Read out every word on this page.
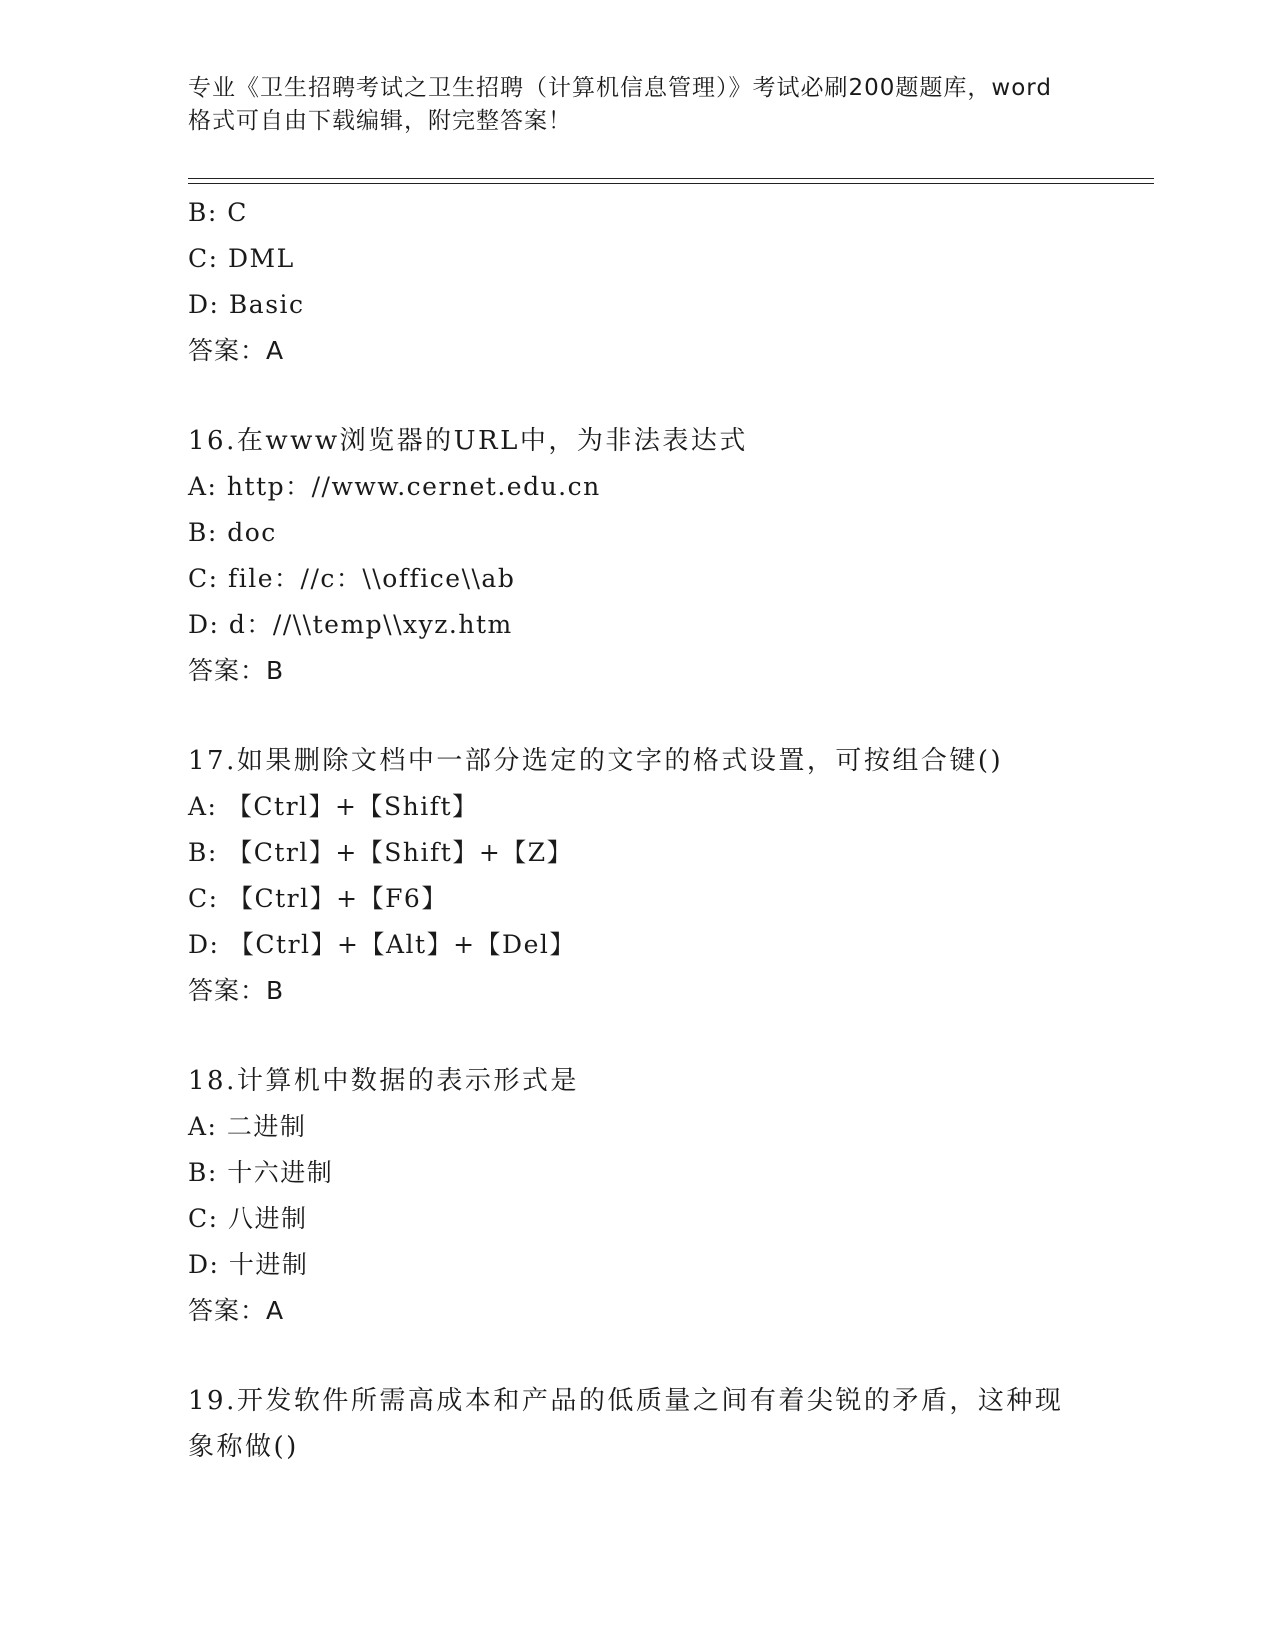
专业《卫生招聘考试之卫生招聘（计算机信息管理）》考试必刷200题题库，word
格式可自由下载编辑，附完整答案！
B: C
C: DML
D: Basic
答案：A
16.在www浏览器的URL中，为非法表达式
A: http：//www.cernet.edu.cn
B: doc
C: file：//c：\\office\\ab
D: d：//\\temp\\xyz.htm
答案：B
17.如果删除文档中一部分选定的文字的格式设置，可按组合键()
A: 【Ctrl】+【Shift】
B: 【Ctrl】+【Shift】+【Z】
C: 【Ctrl】+【F6】
D: 【Ctrl】+【Alt】+【Del】
答案：B
18.计算机中数据的表示形式是
A: 二进制
B: 十六进制
C: 八进制
D: 十进制
答案：A
19.开发软件所需高成本和产品的低质量之间有着尖锐的矛盾，这种现
象称做()
